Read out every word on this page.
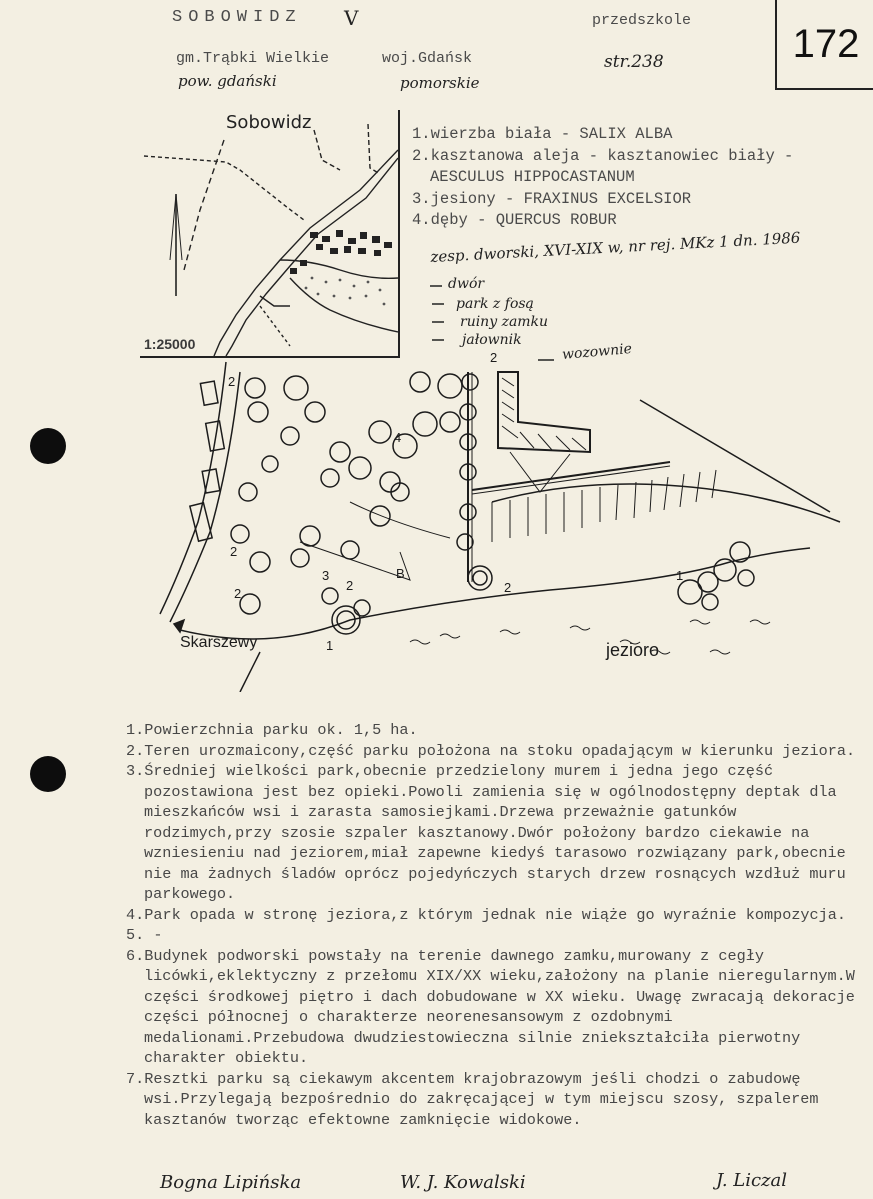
SOBOWIDZ V
gm.Trąbki Wielkie
pow. gdański
woj.Gdańsk
pomorskie
przedszkole
str.238	172
Sobowidz
1:25000
1.wierzba biała - SALIX ALBA
2.kasztanowa aleja - kasztanowiec biały -
AESCULUS HIPPOCASTANUM
3.jesiony - FRAXINUS EXCELSIOR
4.dęby - QUERCUS ROBUR
zesp. dworski, XVI-XIX w, nr rej. MKz 1 dn. 1986
dwór
park z fosą
ruiny zamku
jałownik
wozownie
2
2
2
4
2
3	B
2
1
1
2
Skarszewy	jezioro
1.Powierzchnia parku ok. 1,5 ha.
2.Teren urozmaicony,część parku położona na stoku opadającym w kierunku jeziora.
3.Średniej wielkości park,obecnie przedzielony murem i jedna jego część pozostawiona jest bez opieki.Powoli zamienia się w ogólnodostępny deptak dla mieszkańców wsi i zarasta samosiejkami.Drzewa przeważnie gatunków rodzimych,przy szosie szpaler kasztanowy.Dwór położony bardzo ciekawie na wzniesieniu nad jeziorem,miał zapewne kiedyś tarasowo rozwiązany park,obecnie nie ma żadnych śladów oprócz pojedyńczych starych drzew rosnących wzdłuż muru parkowego.
4.Park opada w stronę jeziora,z którym jednak nie wiąże go wyraźnie kompozycja.
5. -
6.Budynek podworski powstały na terenie dawnego zamku,murowany z cegły licówki,eklektyczny z przełomu XIX/XX wieku,założony na planie nieregularnym.W części środkowej piętro i dach dobudowane w XX wieku. Uwagę zwracają dekoracje części północnej o charakterze neorenesansowym z ozdobnymi medalionami.Przebudowa dwudziestowieczna silnie zniekształciła pierwotny charakter obiektu.
7.Resztki parku są ciekawym akcentem krajobrazowym jeśli chodzi o zabudowę wsi.Przylegają bezpośrednio do zakręcającej w tym miejscu szosy, szpalerem kasztanów tworząc efektowne zamknięcie widokowe.
Bogna Lipińska	W. J. Kowalski	J. Liczal
